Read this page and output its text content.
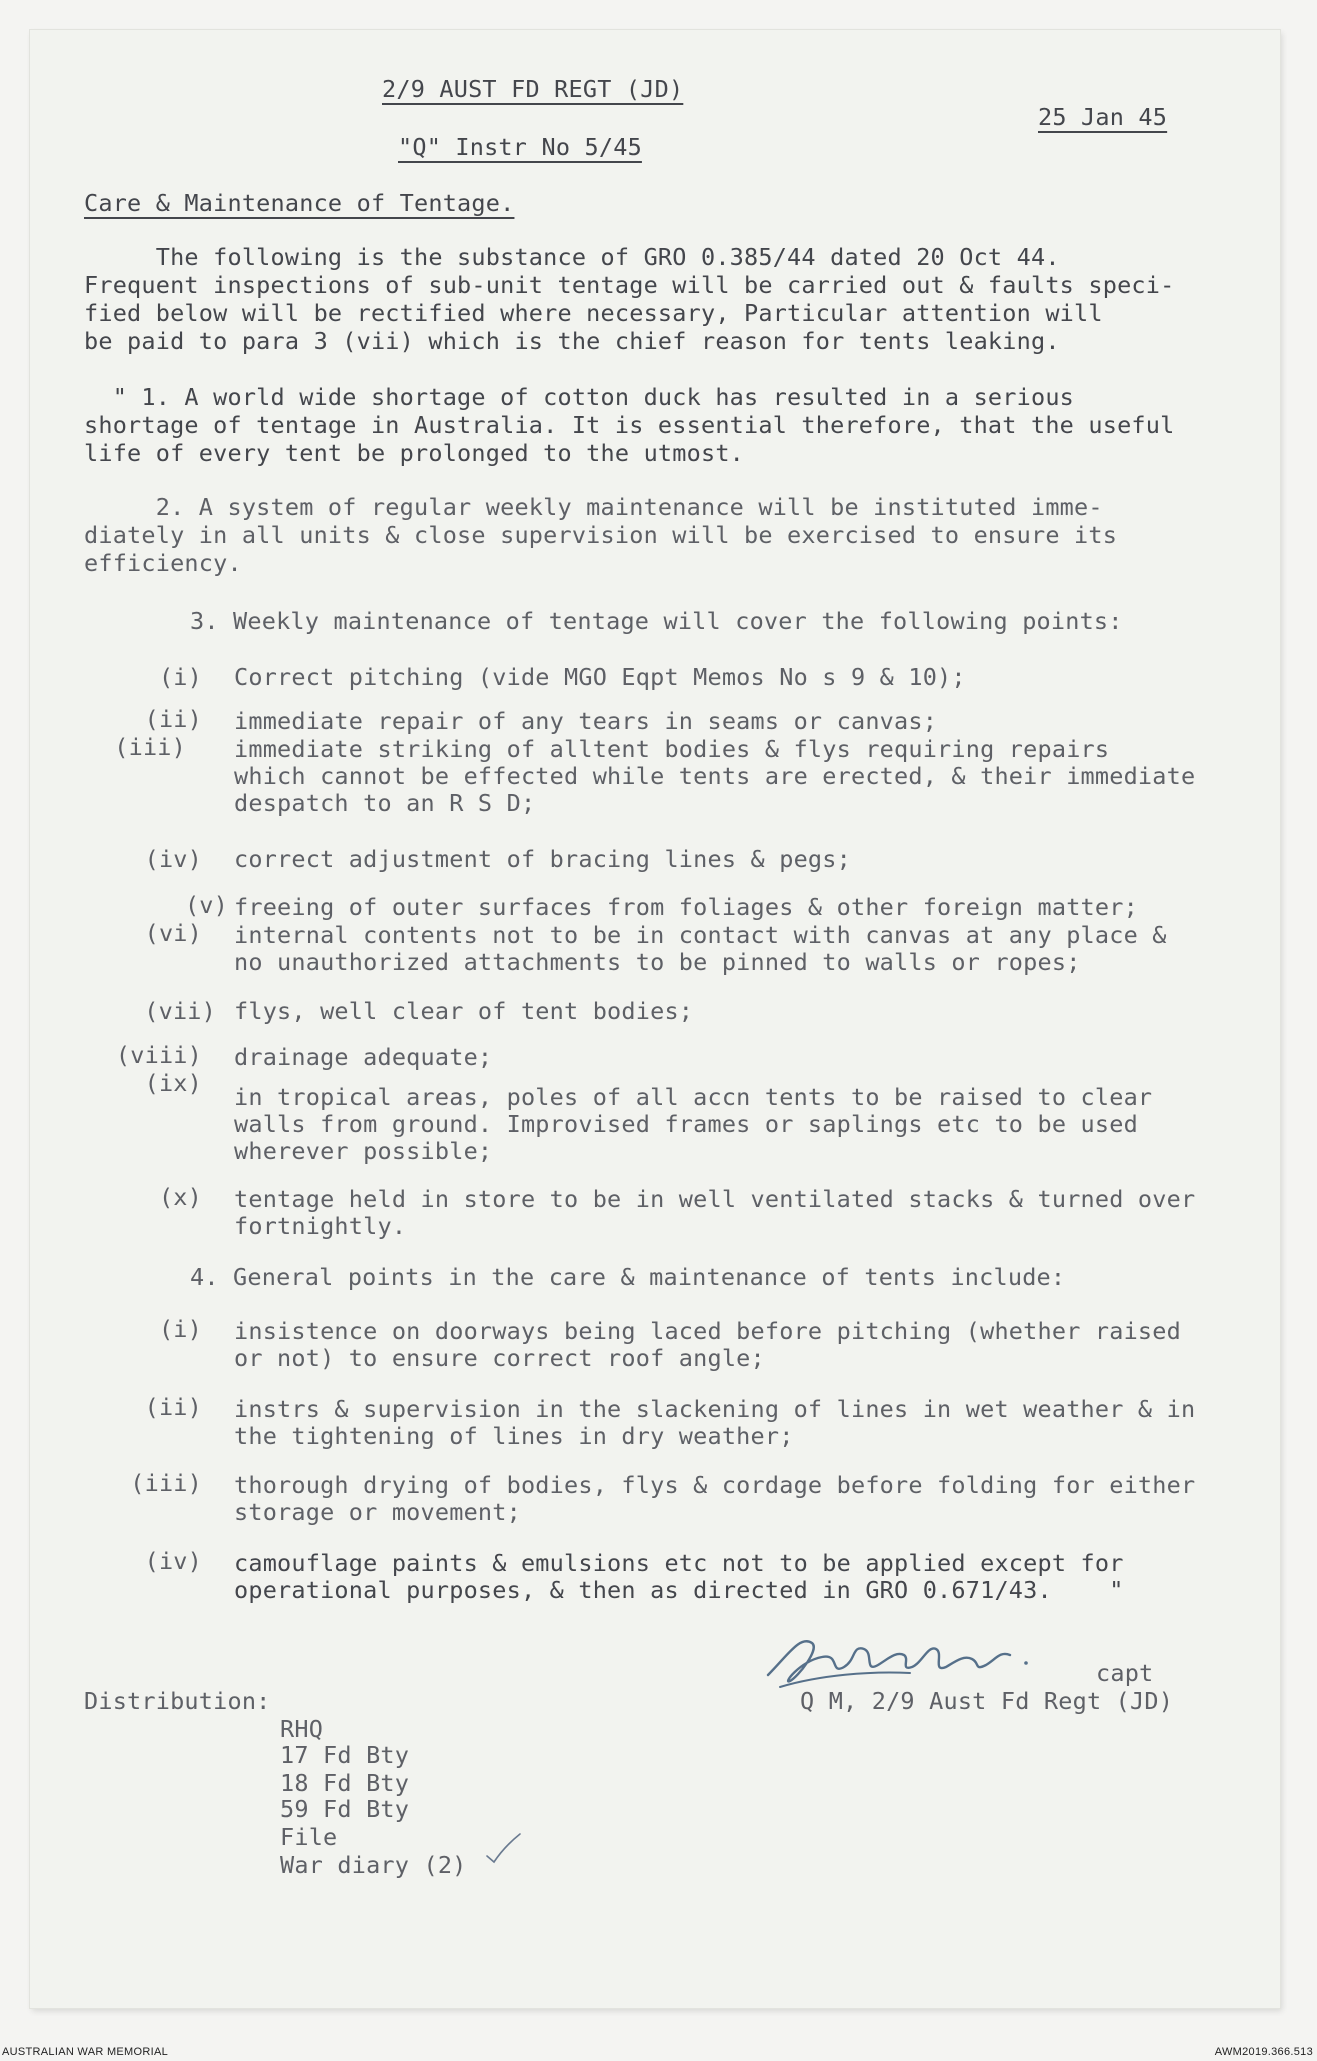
2/9 AUST FD REGT (JD)
"Q" Instr No 5/45
25 Jan 45
Care & Maintenance of Tentage.
The following is the substance of GRO 0.385/44 dated 20 Oct 44.
Frequent inspections of sub-unit tentage will be carried out & faults speci-
fied below will be rectified where necessary, Particular attention will
be paid to para 3 (vii) which is the chief reason for tents leaking.
" 1. A world wide shortage of cotton duck has resulted in a serious
shortage of tentage in Australia. It is essential therefore, that the useful
life of every tent be prolonged to the utmost.
2. A system of regular weekly maintenance will be instituted imme-
diately in all units & close supervision will be exercised to ensure its
efficiency.
3. Weekly maintenance of tentage will cover the following points:
(i) Correct pitching (vide MGO Eqpt Memos No s 9 & 10);
(ii) immediate repair of any tears in seams or canvas;
(iii) immediate striking of alltent bodies & flys requiring repairs
which cannot be effected while tents are erected, & their immediate
despatch to an R S D;
(iv) correct adjustment of bracing lines & pegs;
(v) freeing of outer surfaces from foliages & other foreign matter;
(vi) internal contents not to be in contact with canvas at any place &
no unauthorized attachments to be pinned to walls or ropes;
(vii) flys, well clear of tent bodies;
(viii) drainage adequate;
(ix) in tropical areas, poles of all accn tents to be raised to clear
walls from ground. Improvised frames or saplings etc to be used
wherever possible;
(x) tentage held in store to be in well ventilated stacks & turned over
fortnightly.
4. General points in the care & maintenance of tents include:
(i) insistence on doorways being laced before pitching (whether raised
or not) to ensure correct roof angle;
(ii) instrs & supervision in the slackening of lines in wet weather & in
the tightening of lines in dry weather;
(iii) thorough drying of bodies, flys & cordage before folding for either
storage or movement;
(iv) camouflage paints & emulsions etc not to be applied except for
operational purposes, & then as directed in GRO 0.671/43.    "
capt
Q M, 2/9 Aust Fd Regt (JD)
Distribution:
RHQ
17 Fd Bty
18 Fd Bty
59 Fd Bty
File
War diary (2)
AUSTRALIAN WAR MEMORIAL	AWM2019.366.513
